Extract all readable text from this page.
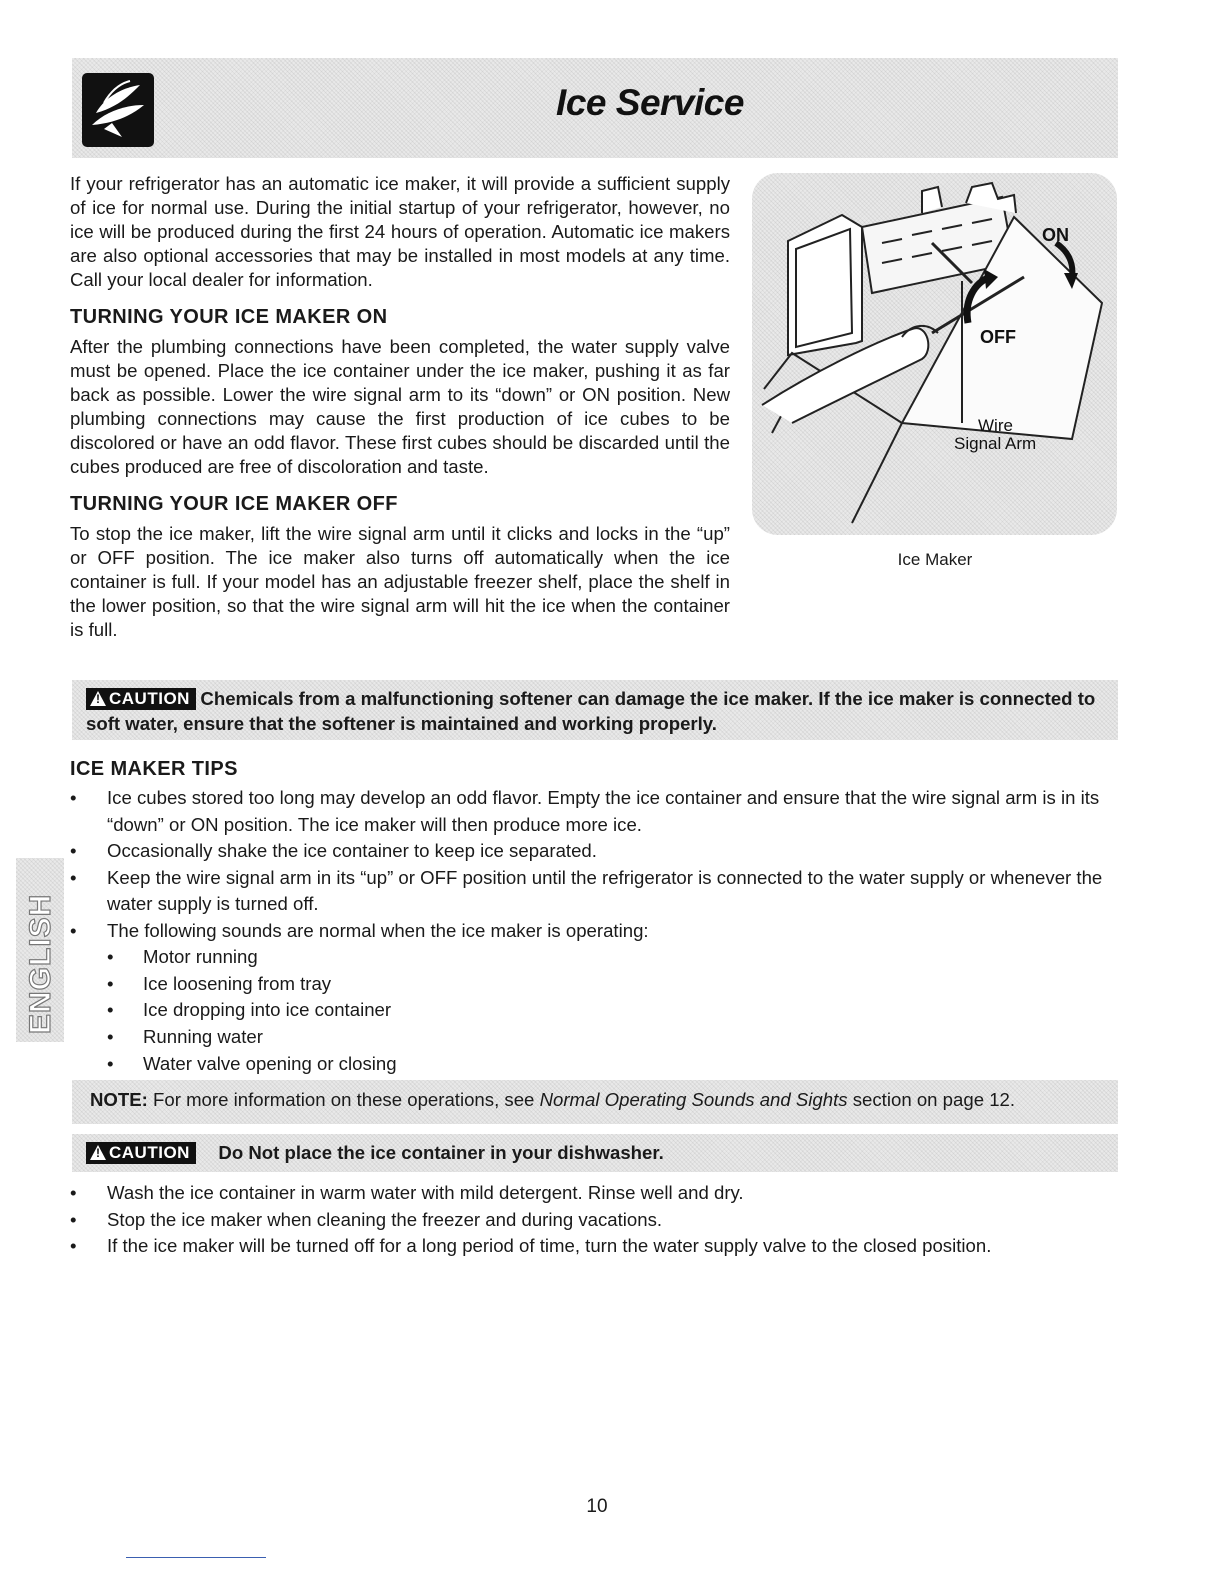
Ice Service

If your refrigerator has an automatic ice maker, it will provide a sufficient supply of ice for normal use. During the initial startup of your refrigerator, however, no ice will be produced during the first 24 hours of operation. Automatic ice makers are also optional accessories that may be installed in most models at any time. Call your local dealer for information.

TURNING YOUR ICE MAKER ON

After the plumbing connections have been completed, the water supply valve must be opened. Place the ice container under the ice maker, pushing it as far back as possible. Lower the wire signal arm to its “down” or ON position. New plumbing connections may cause the first production of ice cubes to be discolored or have an odd flavor. These first cubes should be discarded until the cubes produced are free of discoloration and taste.

TURNING YOUR ICE MAKER OFF

To stop the ice maker, lift the wire signal arm until it clicks and locks in the “up” or OFF position. The ice maker also turns off automatically when the ice container is full. If your model has an adjustable freezer shelf, place the shelf in the lower position, so that the wire signal arm will hit the ice when the container is full.

ON
OFF
Wire
Signal Arm
Ice Maker
!CAUTION Chemicals from a malfunctioning softener can damage the ice maker. If the ice maker is connected to soft water, ensure that the softener is maintained and working properly.
ICE MAKER TIPS
• Ice cubes stored too long may develop an odd flavor. Empty the ice container and ensure that the wire signal arm is in its “down” or ON position. The ice maker will then produce more ice.
• Occasionally shake the ice container to keep ice separated.
• Keep the wire signal arm in its “up” or OFF position until the refrigerator is connected to the water supply or whenever the water supply is turned off.
• The following sounds are normal when the ice maker is operating:
• Motor running
• Ice loosening from tray
• Ice dropping into ice container
• Running water
• Water valve opening or closing
NOTE: For more information on these operations, see Normal Operating Sounds and Sights section on page 12.
!CAUTION Do Not place the ice container in your dishwasher.
• Wash the ice container in warm water with mild detergent. Rinse well and dry.
• Stop the ice maker when cleaning the freezer and during vacations.
• If the ice maker will be turned off for a long period of time, turn the water supply valve to the closed position.
ENGLISH
10
